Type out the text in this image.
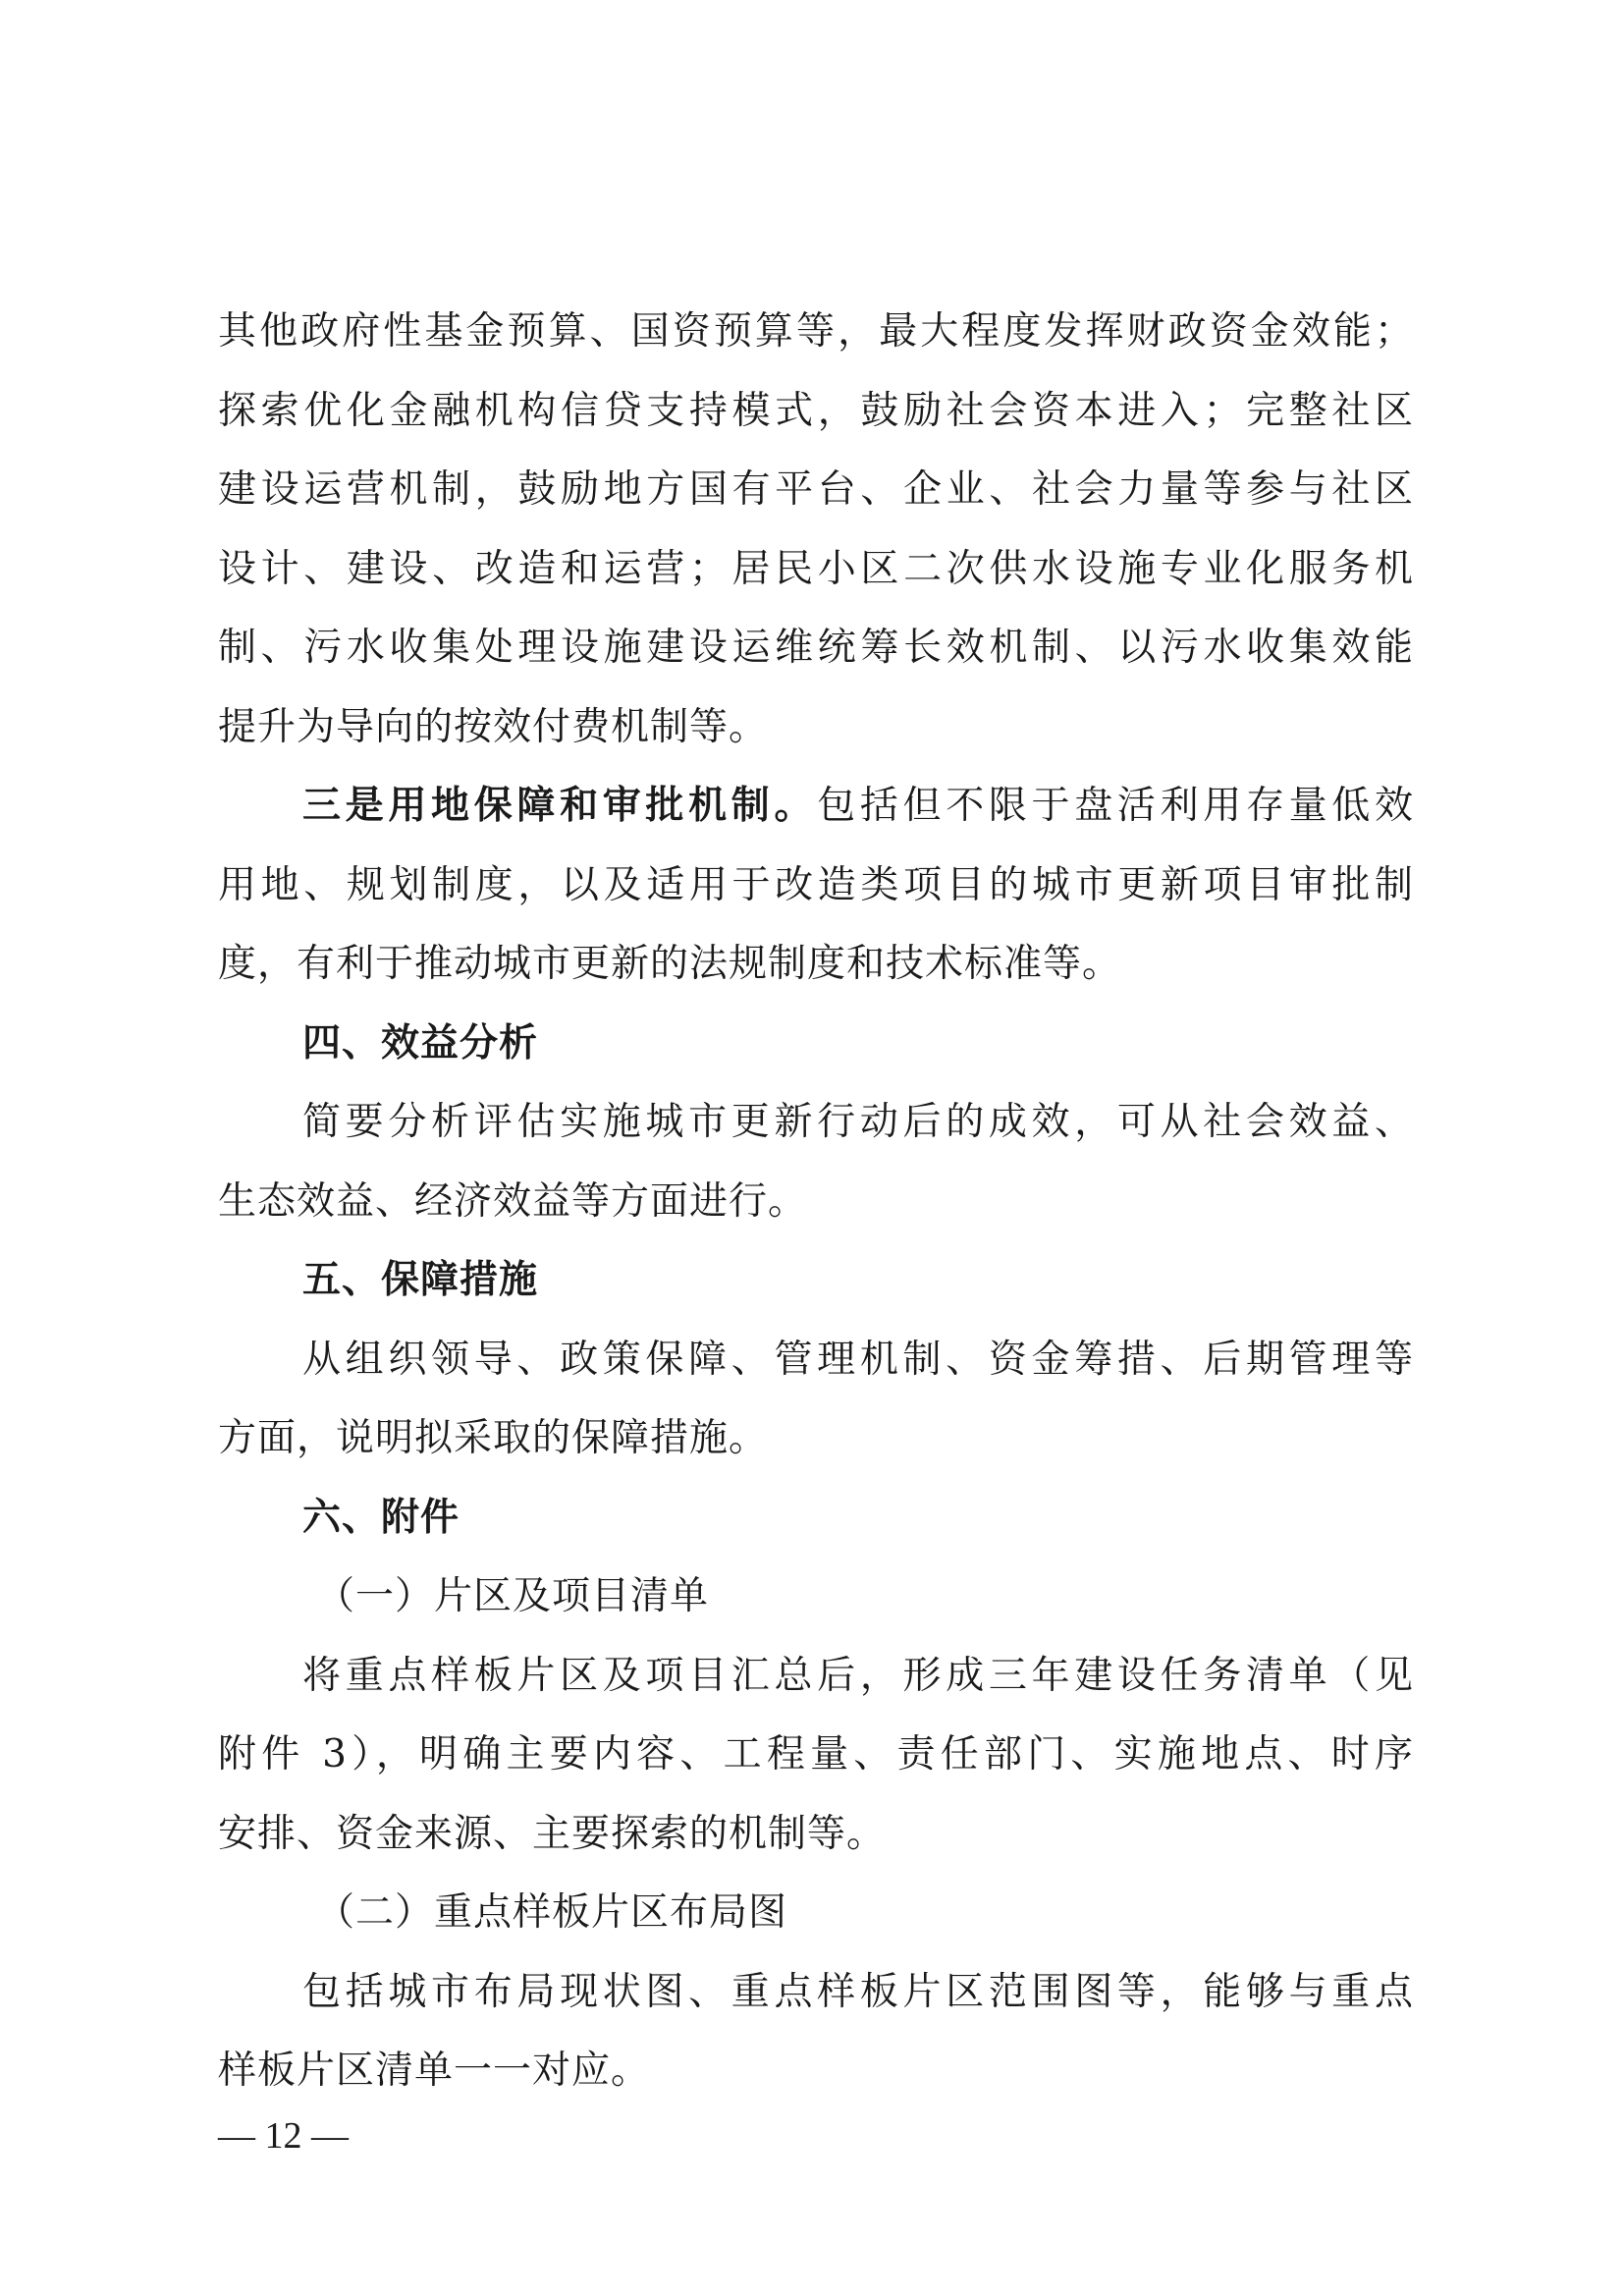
其他政府性基金预算、国资预算等，最大程度发挥财政资金效能；
探索优化金融机构信贷支持模式，鼓励社会资本进入；完整社区
建设运营机制，鼓励地方国有平台、企业、社会力量等参与社区
设计、建设、改造和运营；居民小区二次供水设施专业化服务机
制、污水收集处理设施建设运维统筹长效机制、以污水收集效能
提升为导向的按效付费机制等。
三是用地保障和审批机制。包括但不限于盘活利用存量低效
用地、规划制度，以及适用于改造类项目的城市更新项目审批制
度，有利于推动城市更新的法规制度和技术标准等。
四、效益分析
简要分析评估实施城市更新行动后的成效，可从社会效益、
生态效益、经济效益等方面进行。
五、保障措施
从组织领导、政策保障、管理机制、资金筹措、后期管理等
方面，说明拟采取的保障措施。
六、附件
（一）片区及项目清单
将重点样板片区及项目汇总后，形成三年建设任务清单（见
附件 3），明确主要内容、工程量、责任部门、实施地点、时序
安排、资金来源、主要探索的机制等。
（二）重点样板片区布局图
包括城市布局现状图、重点样板片区范围图等，能够与重点
样板片区清单一一对应。
— 12 —
